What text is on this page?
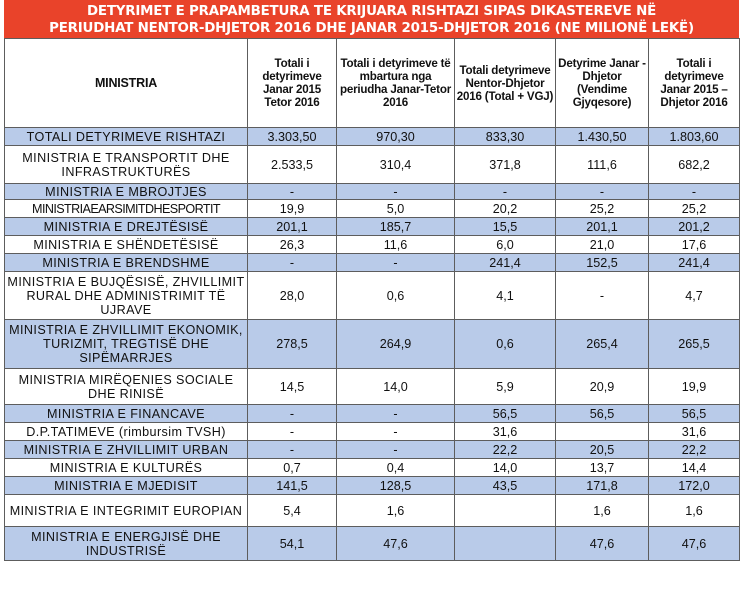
DETYRIMET E PRAPAMBETURA TE KRIJUARA RISHTAZI SIPAS DIKASTEREVE NË
PERIUDHAT NENTOR-DHJETOR 2016 DHE JANAR 2015-DHJETOR 2016 (NE MILIONË LEKË)
MINISTRIA	Totali i detyrimeve Janar 2015 Tetor 2016	Totali i detyrimeve të mbartura nga periudha Janar-Tetor 2016	Totali detyrimeve Nentor-Dhjetor 2016 (Total + VGJ)	Detyrime Janar - Dhjetor (Vendime Gjyqesore)	Totali i detyrimeve Janar 2015 – Dhjetor 2016
TOTALI DETYRIMEVE RISHTAZI	3.303,50	970,30	833,30	1.430,50	1.803,60
MINISTRIA E TRANSPORTIT DHE INFRASTRUKTURËS	2.533,5	310,4	371,8	111,6	682,2
MINISTRIA E MBROJTJES	-	-	-	-	-
MINISTRIAEARSIMITDHESPORTIT	19,9	5,0	20,2	25,2	25,2
MINISTRIA E DREJTËSISË	201,1	185,7	15,5	201,1	201,2
MINISTRIA E SHËNDETËSISË	26,3	11,6	6,0	21,0	17,6
MINISTRIA E BRENDSHME	-	-	241,4	152,5	241,4
MINISTRIA E BUJQËSISË, ZHVILLIMIT RURAL DHE ADMINISTRIMIT TË UJRAVE	28,0	0,6	4,1	-	4,7
MINISTRIA E ZHVILLIMIT EKONOMIK, TURIZMIT, TREGTISË DHE SIPËMARRJES	278,5	264,9	0,6	265,4	265,5
MINISTRIA MIRËQENIES SOCIALE DHE RINISË	14,5	14,0	5,9	20,9	19,9
MINISTRIA E FINANCAVE	-	-	56,5	56,5	56,5
D.P.TATIMEVE (rimbursim TVSH)	-	-	31,6		31,6
MINISTRIA E ZHVILLIMIT URBAN	-	-	22,2	20,5	22,2
MINISTRIA E KULTURËS	0,7	0,4	14,0	13,7	14,4
MINISTRIA E MJEDISIT	141,5	128,5	43,5	171,8	172,0
MINISTRIA E INTEGRIMIT EUROPIAN	5,4	1,6		1,6	1,6
MINISTRIA E ENERGJISË DHE INDUSTRISË	54,1	47,6		47,6	47,6
